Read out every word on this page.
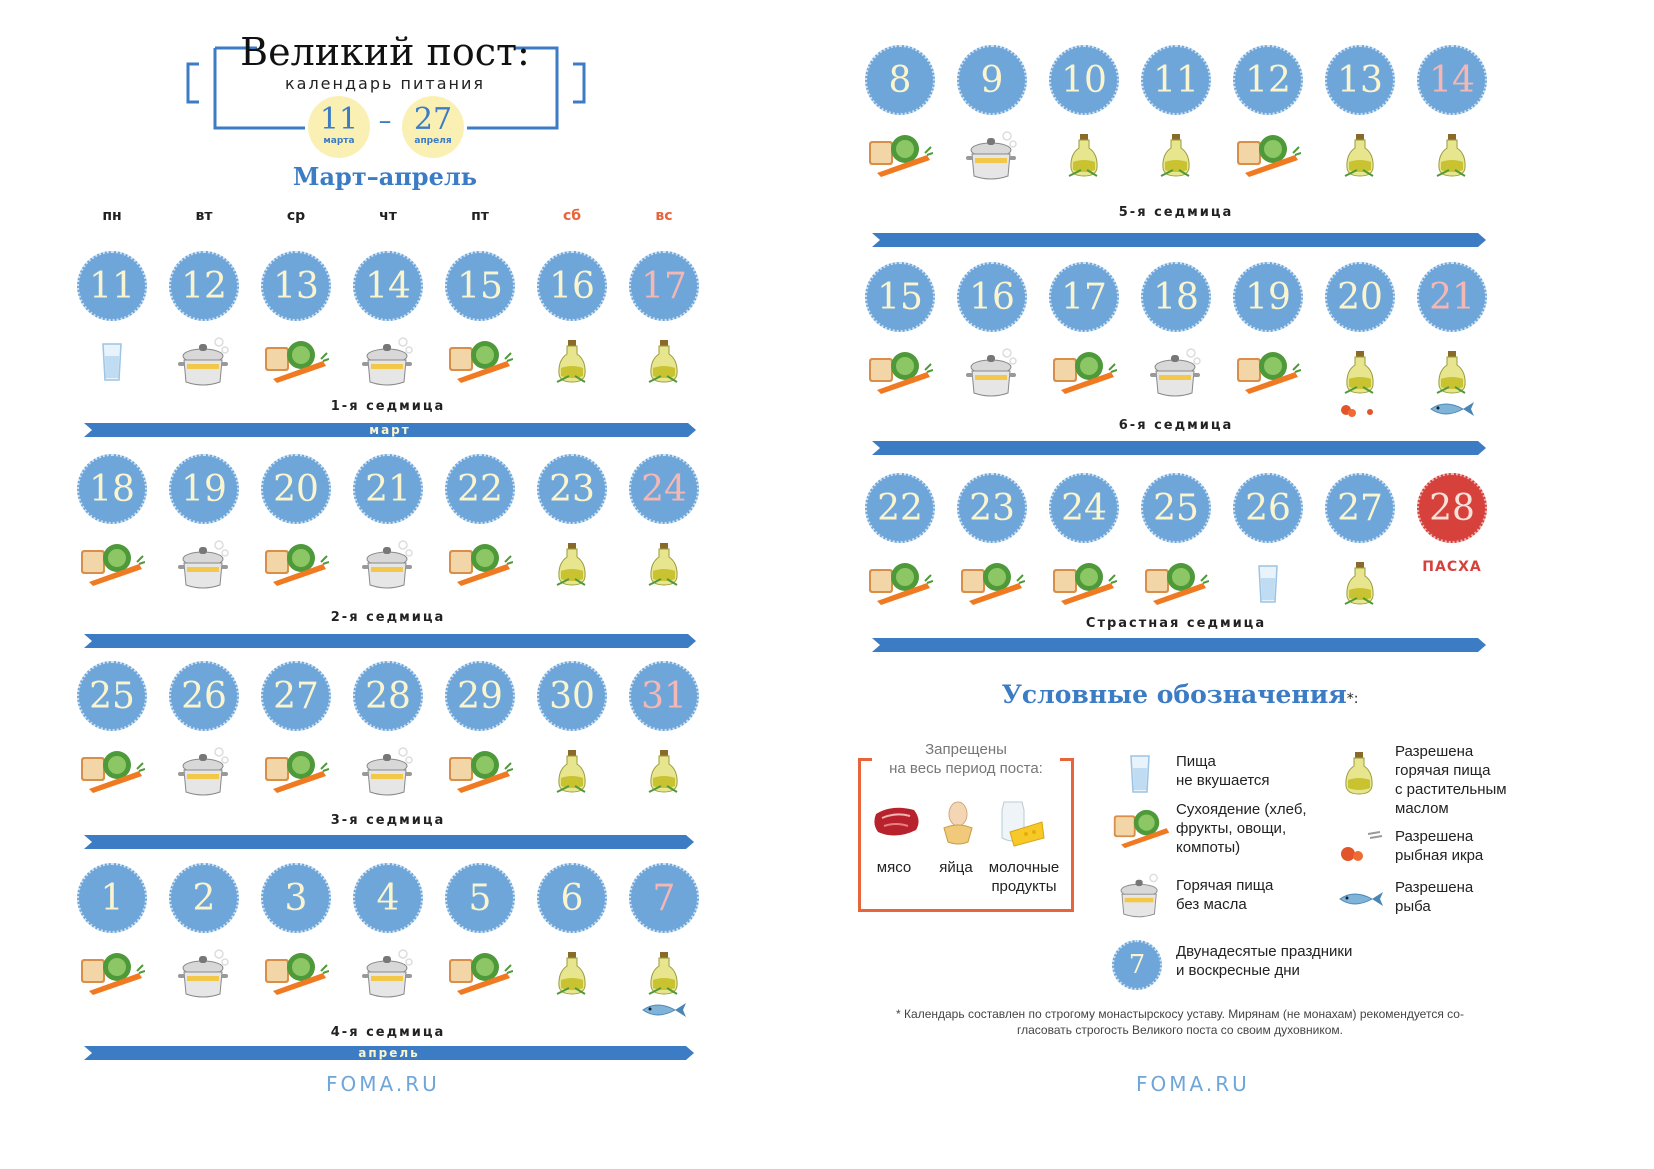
Великий пост:
календарь питания
11
марта
– 27
апреля
Март–апрель
пн	вт	ср	чт	пт	сб	вс
11	12	13	14	15	16	17
1-я седмица
март
18	19	20	21	22	23	24
2-я седмица
25	26	27	28	29	30	31
3-я седмица
1	2	3	4	5	6	7
4-я седмица
апрель
8	9	10	11	12	13	14
5-я седмица
15	16	17	18	19	20	21
6-я седмица
22	23	24	25	26	27	28
ПАСХА
Страстная седмица
Условные обозначения*:
Запрещены
на весь период поста:
мясо	яйца	молочные
продукты
Пища
не вкушается
Сухоядение (хлеб,
фрукты, овощи,
компоты)
Горячая пища
без масла
7	Двунадесятые праздники
и воскресные дни
Разрешена
горячая пища
с растительным
маслом
Разрешена
рыбная икра
Разрешена
рыба
* Календарь составлен по строгому монастырскосу уставу. Мирянам (не монахам) рекомендуется со-
гласовать строгость Великого поста со своим духовником.
FOMA.RU	FOMA.RU
